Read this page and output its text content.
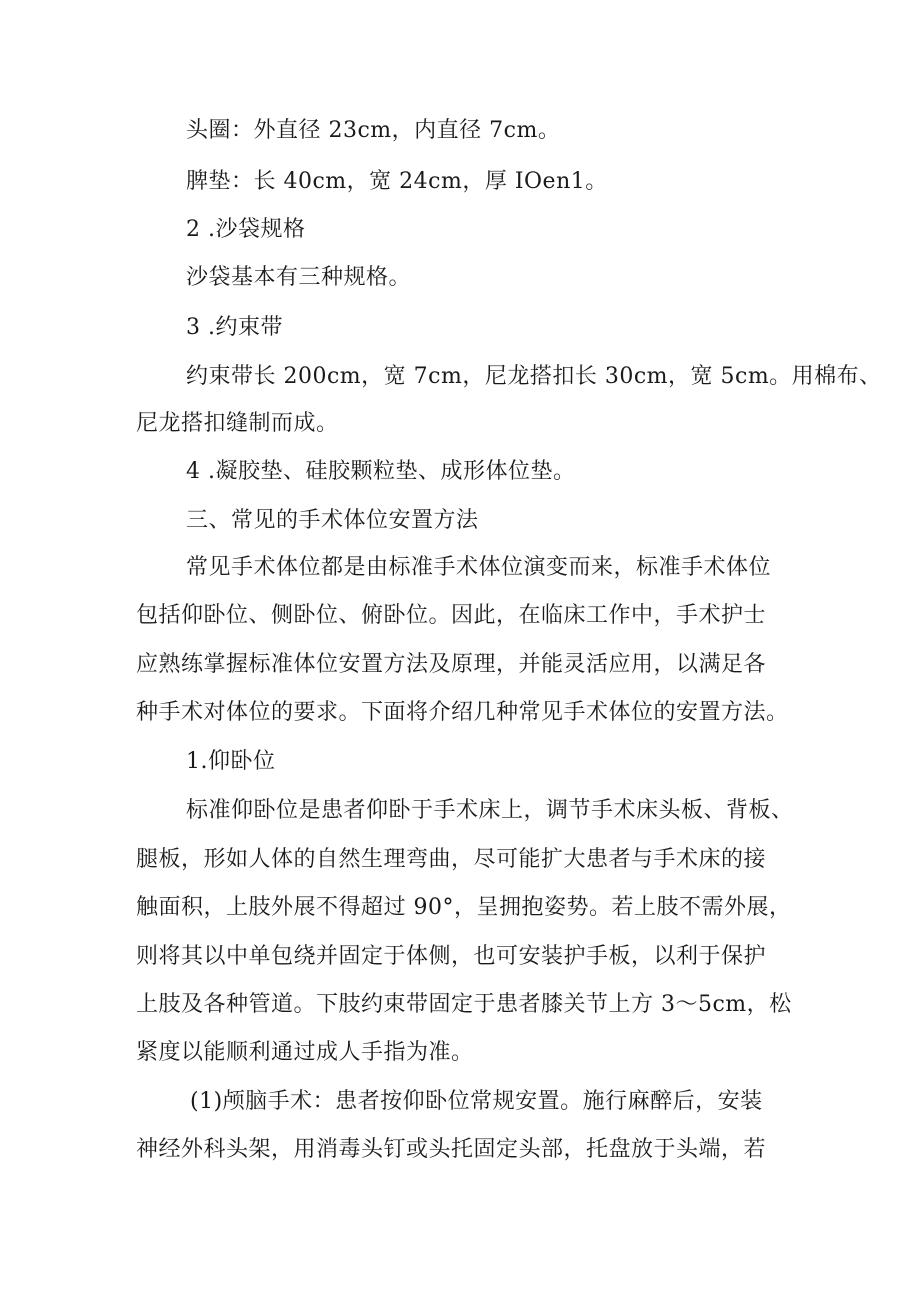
头圈：外直径 23cm，内直径 7cm。
脾垫：长 40cm，宽 24cm，厚 IOen1。
2 .沙袋规格
沙袋基本有三种规格。
3 .约束带
约束带长 200cm，宽 7cm，尼龙搭扣长 30cm，宽 5cm。用棉布、
尼龙搭扣缝制而成。
4 .凝胶垫、硅胶颗粒垫、成形体位垫。
三、常见的手术体位安置方法
常见手术体位都是由标准手术体位演变而来，标准手术体位
包括仰卧位、侧卧位、俯卧位。因此，在临床工作中，手术护士
应熟练掌握标准体位安置方法及原理，并能灵活应用，以满足各
种手术对体位的要求。下面将介绍几种常见手术体位的安置方法。
1.仰卧位
标准仰卧位是患者仰卧于手术床上，调节手术床头板、背板、
腿板，形如人体的自然生理弯曲，尽可能扩大患者与手术床的接
触面积，上肢外展不得超过 90°，呈拥抱姿势。若上肢不需外展，
则将其以中单包绕并固定于体侧，也可安装护手板，以利于保护
上肢及各种管道。下肢约束带固定于患者膝关节上方 3～5cm，松
紧度以能顺利通过成人手指为准。
(1)颅脑手术：患者按仰卧位常规安置。施行麻醉后，安装
神经外科头架，用消毒头钉或头托固定头部，托盘放于头端，若
